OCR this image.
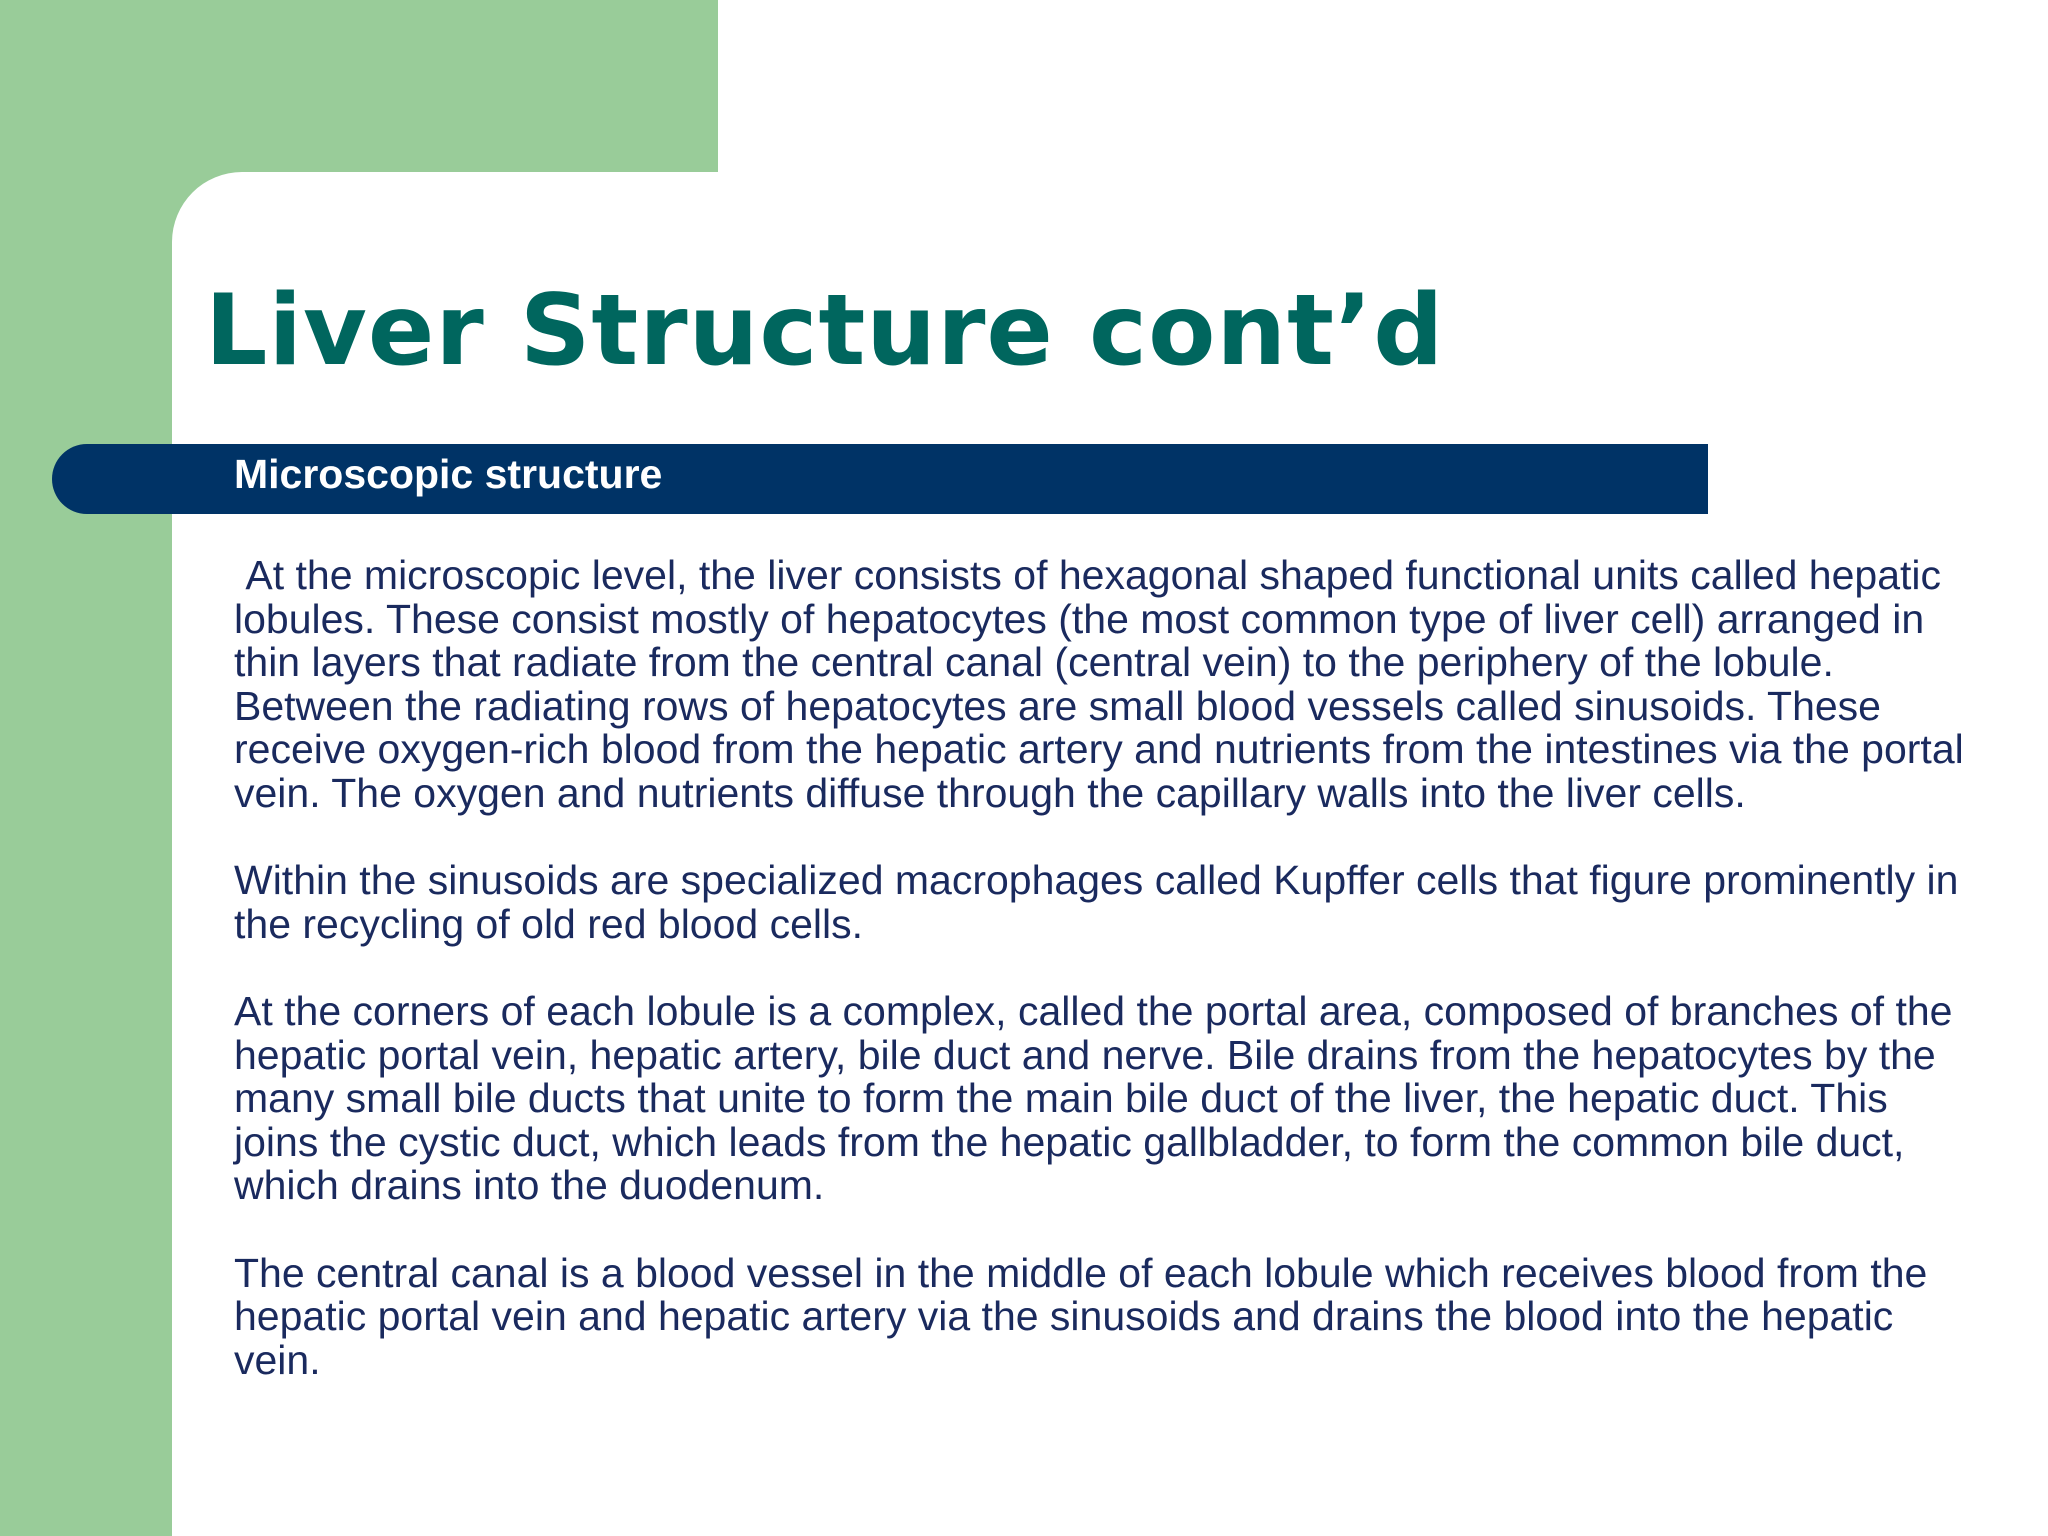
Liver Structure cont’d
Microscopic structure

At the microscopic level, the liver consists of hexagonal shaped functional units called hepatic lobules. These consist mostly of hepatocytes (the most common type of liver cell) arranged in thin layers that radiate from the central canal (central vein) to the periphery of the lobule. Between the radiating rows of hepatocytes are small blood vessels called sinusoids. These receive oxygen-rich blood from the hepatic artery and nutrients from the intestines via the portal vein. The oxygen and nutrients diffuse through the capillary walls into the liver cells.

Within the sinusoids are specialized macrophages called Kupffer cells that figure prominently in the recycling of old red blood cells.

At the corners of each lobule is a complex, called the portal area, composed of branches of the hepatic portal vein, hepatic artery, bile duct and nerve. Bile drains from the hepatocytes by the many small bile ducts that unite to form the main bile duct of the liver, the hepatic duct. This joins the cystic duct, which leads from the hepatic gallbladder, to form the common bile duct, which drains into the duodenum.

The central canal is a blood vessel in the middle of each lobule which receives blood from the hepatic portal vein and hepatic artery via the sinusoids and drains the blood into the hepatic vein.
